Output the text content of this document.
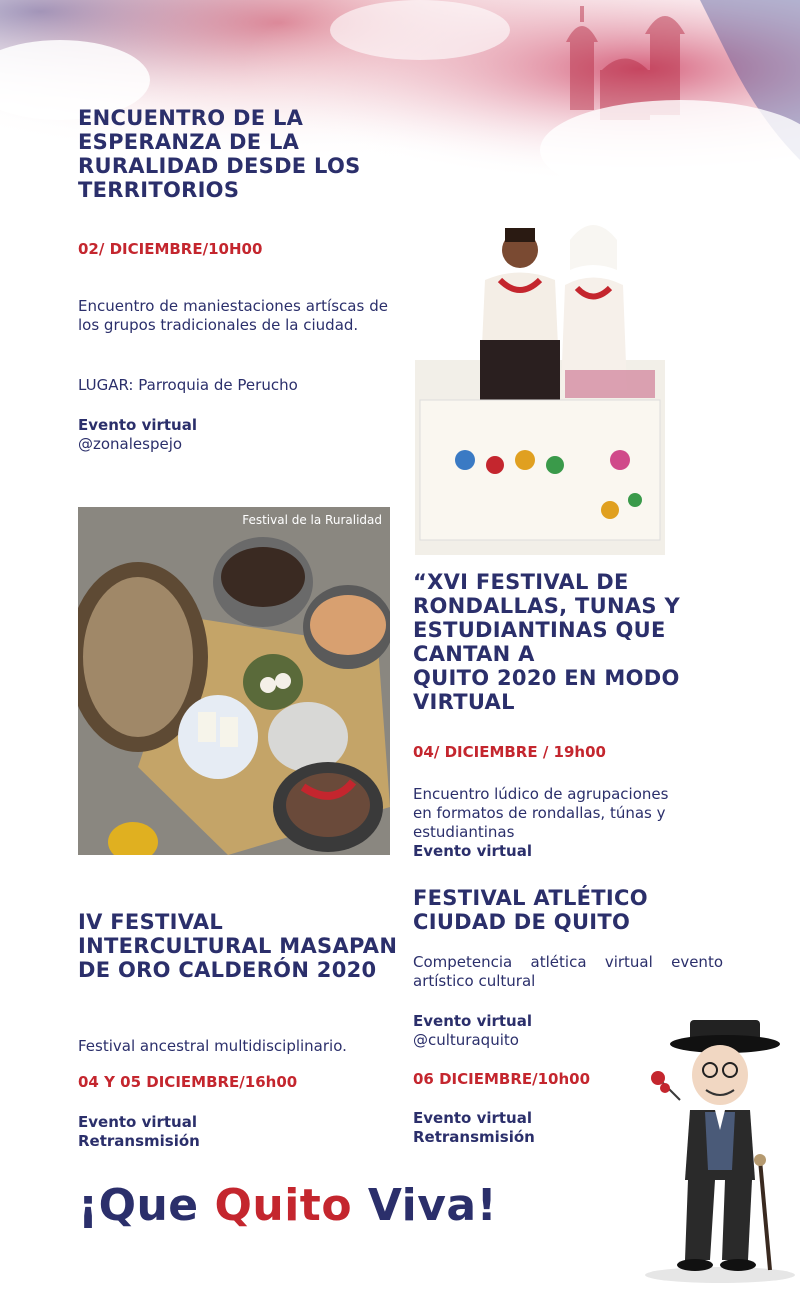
ENCUENTRO DE LA
ESPERANZA DE LA
RURALIDAD DESDE LOS
TERRITORIOS
02/ DICIEMBRE/10H00
Encuentro de maniestaciones artíscas de los grupos tradicionales de la ciudad.
LUGAR: Parroquia de Perucho
Evento virtual
@zonalespejo
Festival de la Ruralidad
“XVI FESTIVAL DE
RONDALLAS, TUNAS Y
ESTUDIANTINAS QUE
CANTAN A
QUITO 2020 EN MODO
VIRTUAL
04/ DICIEMBRE / 19h00
Encuentro lúdico de agrupaciones
en formatos de rondallas, túnas y
estudiantinas
Evento virtual
FESTIVAL ATLÉTICO
CIUDAD DE QUITO
Competencia atlética virtual evento artístico cultural
Evento virtual
@culturaquito
06 DICIEMBRE/10h00
Evento virtual
Retransmisión
IV FESTIVAL
INTERCULTURAL MASAPAN
DE ORO CALDERÓN 2020
Festival ancestral multidisciplinario.
04 Y 05 DICIEMBRE/16h00
Evento virtual
Retransmisión
¡Que Quito Viva!
